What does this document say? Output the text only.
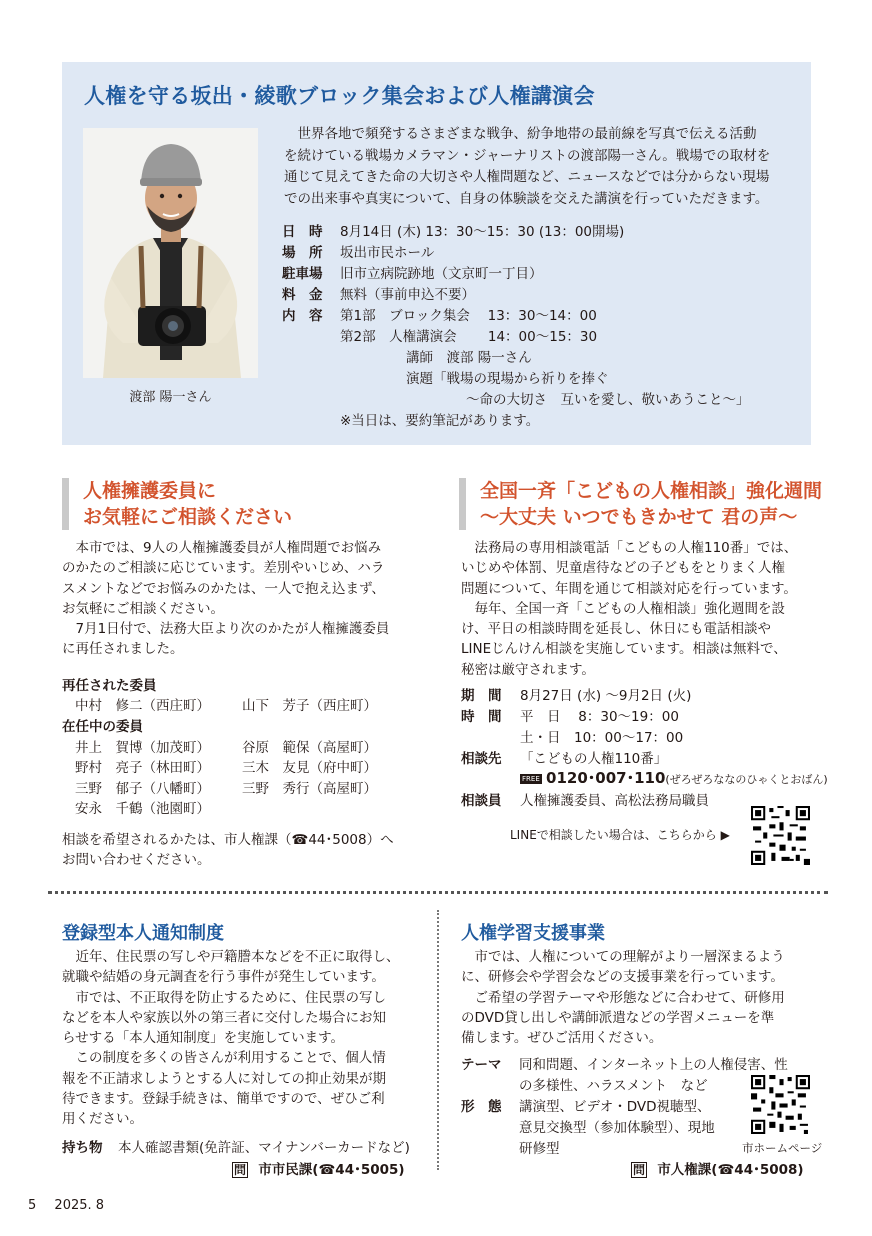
人権を守る坂出・綾歌ブロック集会および人権講演会
渡部 陽一さん

世界各地で頻発するさまざまな戦争、紛争地帯の最前線を写真で伝える活動

を続けている戦場カメラマン・ジャーナリストの渡部陽一さん。戦場での取材を
通じて見えてきた命の大切さや人権問題など、ニュースなどでは分からない現場
での出来事や真実について、自身の体験談を交えた講演を行っていただきます。
日　時 8月14日 (木) 13：30〜15：30 (13：00開場)
場　所 坂出市民ホール
駐車場 旧市立病院跡地（文京町一丁目）
料　金 無料（事前申込不要）
内　容 第1部　ブロック集会　 13：30〜14：00
第2部　人権講演会　　 14：00〜15：30
講師　渡部 陽一さん
演題「戦場の現場から祈りを捧ぐ
〜命の大切さ　互いを愛し、敬いあうこと〜」
※当日は、要約筆記があります。
人権擁護委員に
お気軽にご相談ください
本市では、9人の人権擁護委員が人権問題でお悩み
のかたのご相談に応じています。差別やいじめ、ハラ
スメントなどでお悩みのかたは、一人で抱え込まず、
お気軽にご相談ください。
7月1日付で、法務大臣より次のかたが人権擁護委員
に再任されました。
再任された委員
中村　修二（西庄町） 山下　芳子（西庄町）
在任中の委員
井上　賀博（加茂町） 谷原　範保（高屋町）
野村　亮子（林田町） 三木　友見（府中町）
三野　郁子（八幡町） 三野　秀行（高屋町）
安永　千鶴（池園町）
相談を希望されるかたは、市人権課（☎44･5008）へ
お問い合わせください。
全国一斉「こどもの人権相談」強化週間
〜大丈夫 いつでもきかせて 君の声〜
法務局の専用相談電話「こどもの人権110番」では、
いじめや体罰、児童虐待などの子どもをとりまく人権
問題について、年間を通じて相談対応を行っています。
毎年、全国一斉「こどもの人権相談」強化週間を設
け、平日の相談時間を延長し、休日にも電話相談や
LINEじんけん相談を実施しています。相談は無料で、
秘密は厳守されます。
期　間 8月27日 (水) 〜9月2日 (火)
時　間 平　日　 8：30〜19：00
土・日　10：00〜17：00
相談先 「こどもの人権110番」
FREE 0120･007･110(ぜろぜろななのひゃくとおばん)
相談員 人権擁護委員、高松法務局職員
LINEで相談したい場合は、こちらから ▶
登録型本人通知制度
近年、住民票の写しや戸籍謄本などを不正に取得し、
就職や結婚の身元調査を行う事件が発生しています。
市では、不正取得を防止するために、住民票の写し
などを本人や家族以外の第三者に交付した場合にお知
らせする「本人通知制度」を実施しています。
この制度を多くの皆さんが利用することで、個人情
報を不正請求しようとする人に対しての抑止効果が期
待できます。登録手続きは、簡単ですので、ぜひご利
用ください。
持ち物 本人確認書類(免許証、マイナンバーカードなど)
問 市市民課(☎44･5005)
人権学習支援事業
市では、人権についての理解がより一層深まるよう
に、研修会や学習会などの支援事業を行っています。
ご希望の学習テーマや形態などに合わせて、研修用
のDVD貸し出しや講師派遣などの学習メニューを準
備します。ぜひご活用ください。
テーマ 同和問題、インターネット上の人権侵害、性
の多様性、ハラスメント　など
形　態 講演型、ビデオ・DVD視聴型、
意見交換型（参加体験型）、現地
研修型	市ホームページ
問 市人権課(☎44･5008)
5 2025. 8
